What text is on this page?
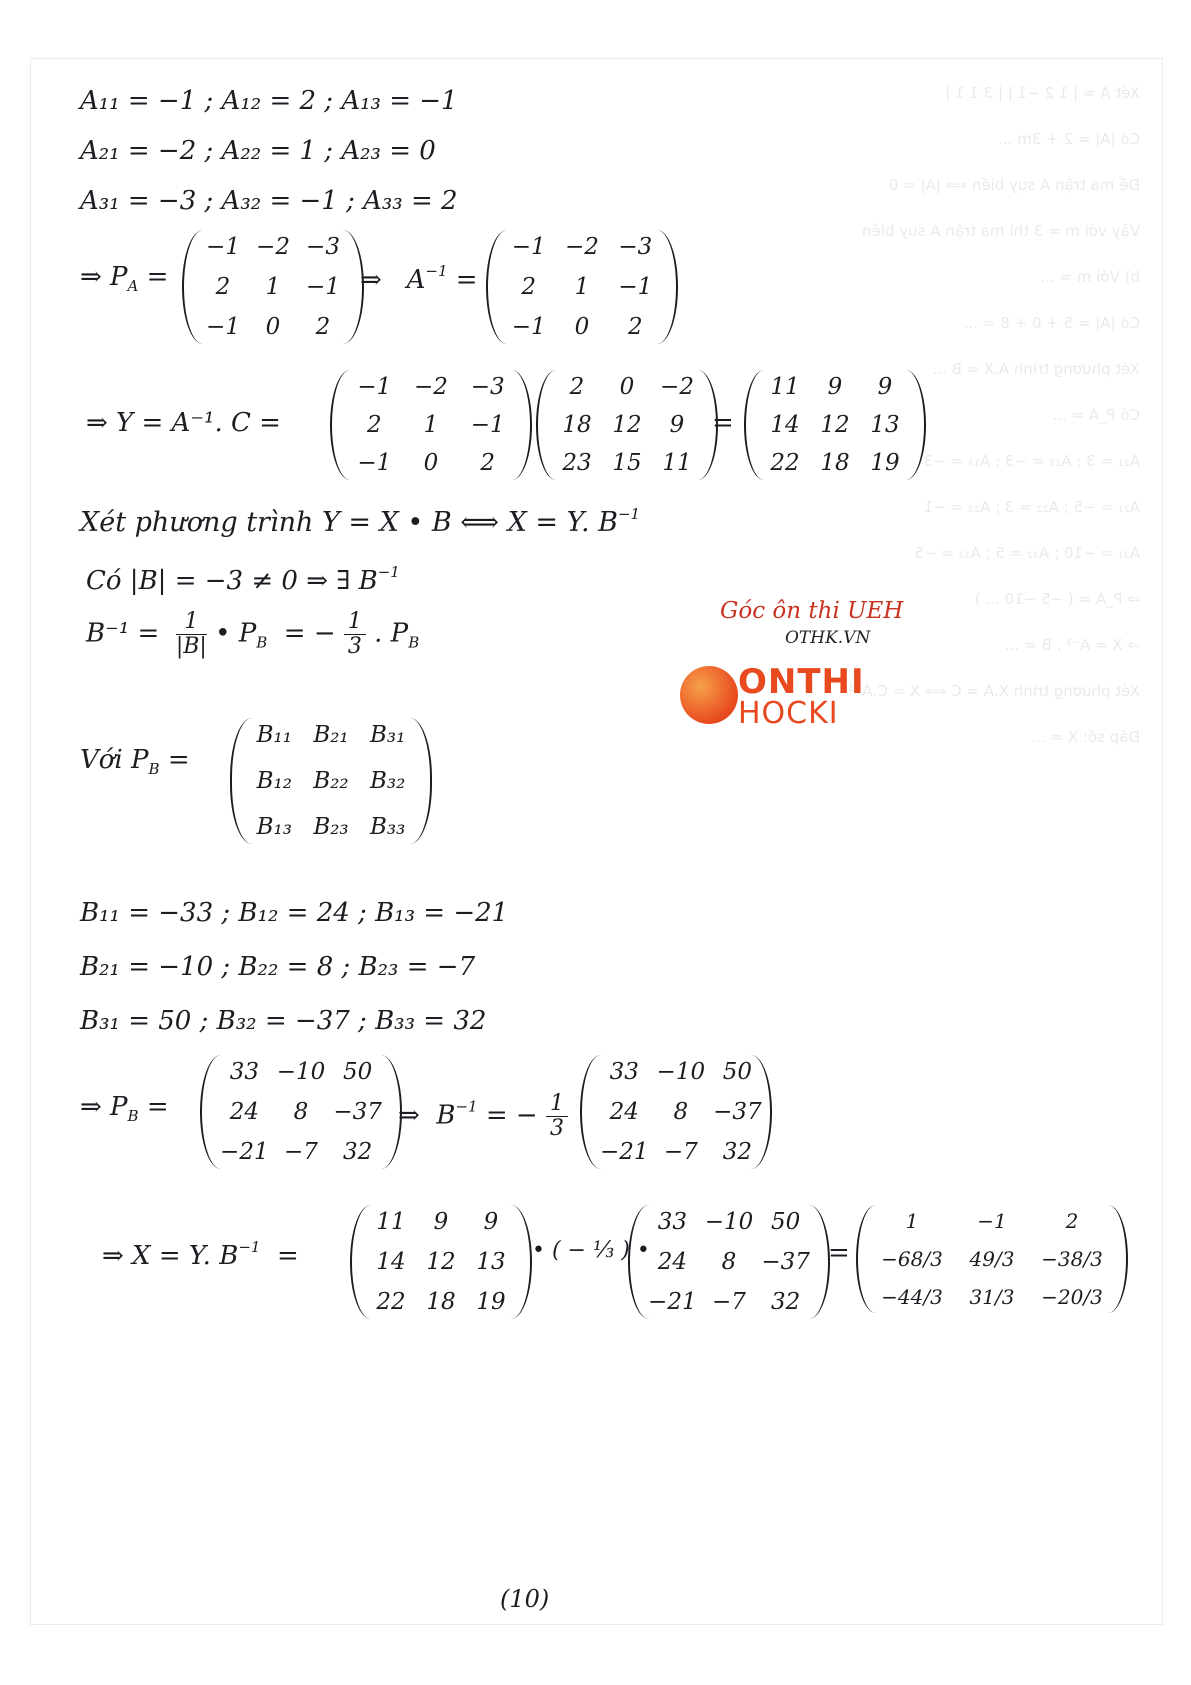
Xét A = | 1 2 −1 | | 3 1 1 |
Có |A| = 2 + 3m ...
Để ma trận A suy biến ⟺ |A| = 0
Vậy với m = 3 thì ma trận A suy biến
b) Với m = ...
Có |A| = 5 + 0 + 8 = ...
Xét phương trình A.X = B ...
Có P_A = ...
A₁₁ = 3 ; A₁₂ = −3 ; A₁₃ = −3
A₂₁ = −5 ; A₂₂ = 3 ; A₂₃ = −1
A₃₁ = −10 ; A₃₂ = 5 ; A₃₃ = −5
⇒ P_A = ( −5 −10 ... )
⇒ X = A⁻¹ . B = ...
Xét phương trình X.A = C ⟺ X = C.A⁻¹
Đáp số: X = ...
A₁₁ = −1 ; A₁₂ = 2 ; A₁₃ = −1
A₂₁ = −2 ; A₂₂ = 1 ; A₂₃ = 0
A₃₁ = −3 ; A₃₂ = −1 ; A₃₃ = 2
⇒ $P_A$ =
−1 −2 −3
2 1 −1
−1 0 2
⇒ $A^{-1}$ =
−1 −2 −3
2 1 −1
−1 0 2
⇒ Y = A⁻¹. C =
−1 −2 −3
2 1 −1
−1 0 2
2 0 −2
18 12 9
23 15 11
=
11 9 9
14 12 13
22 18 19
Xét phương trình Y = X • B ⟺ X = Y. $B^{-1}$
Có |B| = −3 ≠ 0 ⇒ ∃ $B^{-1}$
$B^{-1} = \frac{1}{|B|}$ • $P_B$ = − $\frac{1}{3}$ . $P_B$
Với $P_B$ =
B₁₁ B₂₁ B₃₁
B₁₂ B₂₂ B₃₂
B₁₃ B₂₃ B₃₃
Góc ôn thi UEH
OTHK.VN
ONTHI
HOCKI
B₁₁ = −33 ; B₁₂ = 24 ; B₁₃ = −21
B₂₁ = −10 ; B₂₂ = 8 ; B₂₃ = −7
B₃₁ = 50 ; B₃₂ = −37 ; B₃₃ = 32
⇒ $P_B$ =
33 −10 50
24 8 −37
−21 −7 32
⇒ $B^{-1}$ = − $\frac{1}{3}$
33 −10 50
24 8 −37
−21 −7 32
⇒ X = Y. $B^{-1}$ =
11 9 9
14 12 13
22 18 19
• ( − ⅓ ) •
33 −10 50
24 8 −37
−21 −7 32
=
1	−1	2
−68/3 49/3 −38/3
−44/3 31/3 −20/3
(10)
